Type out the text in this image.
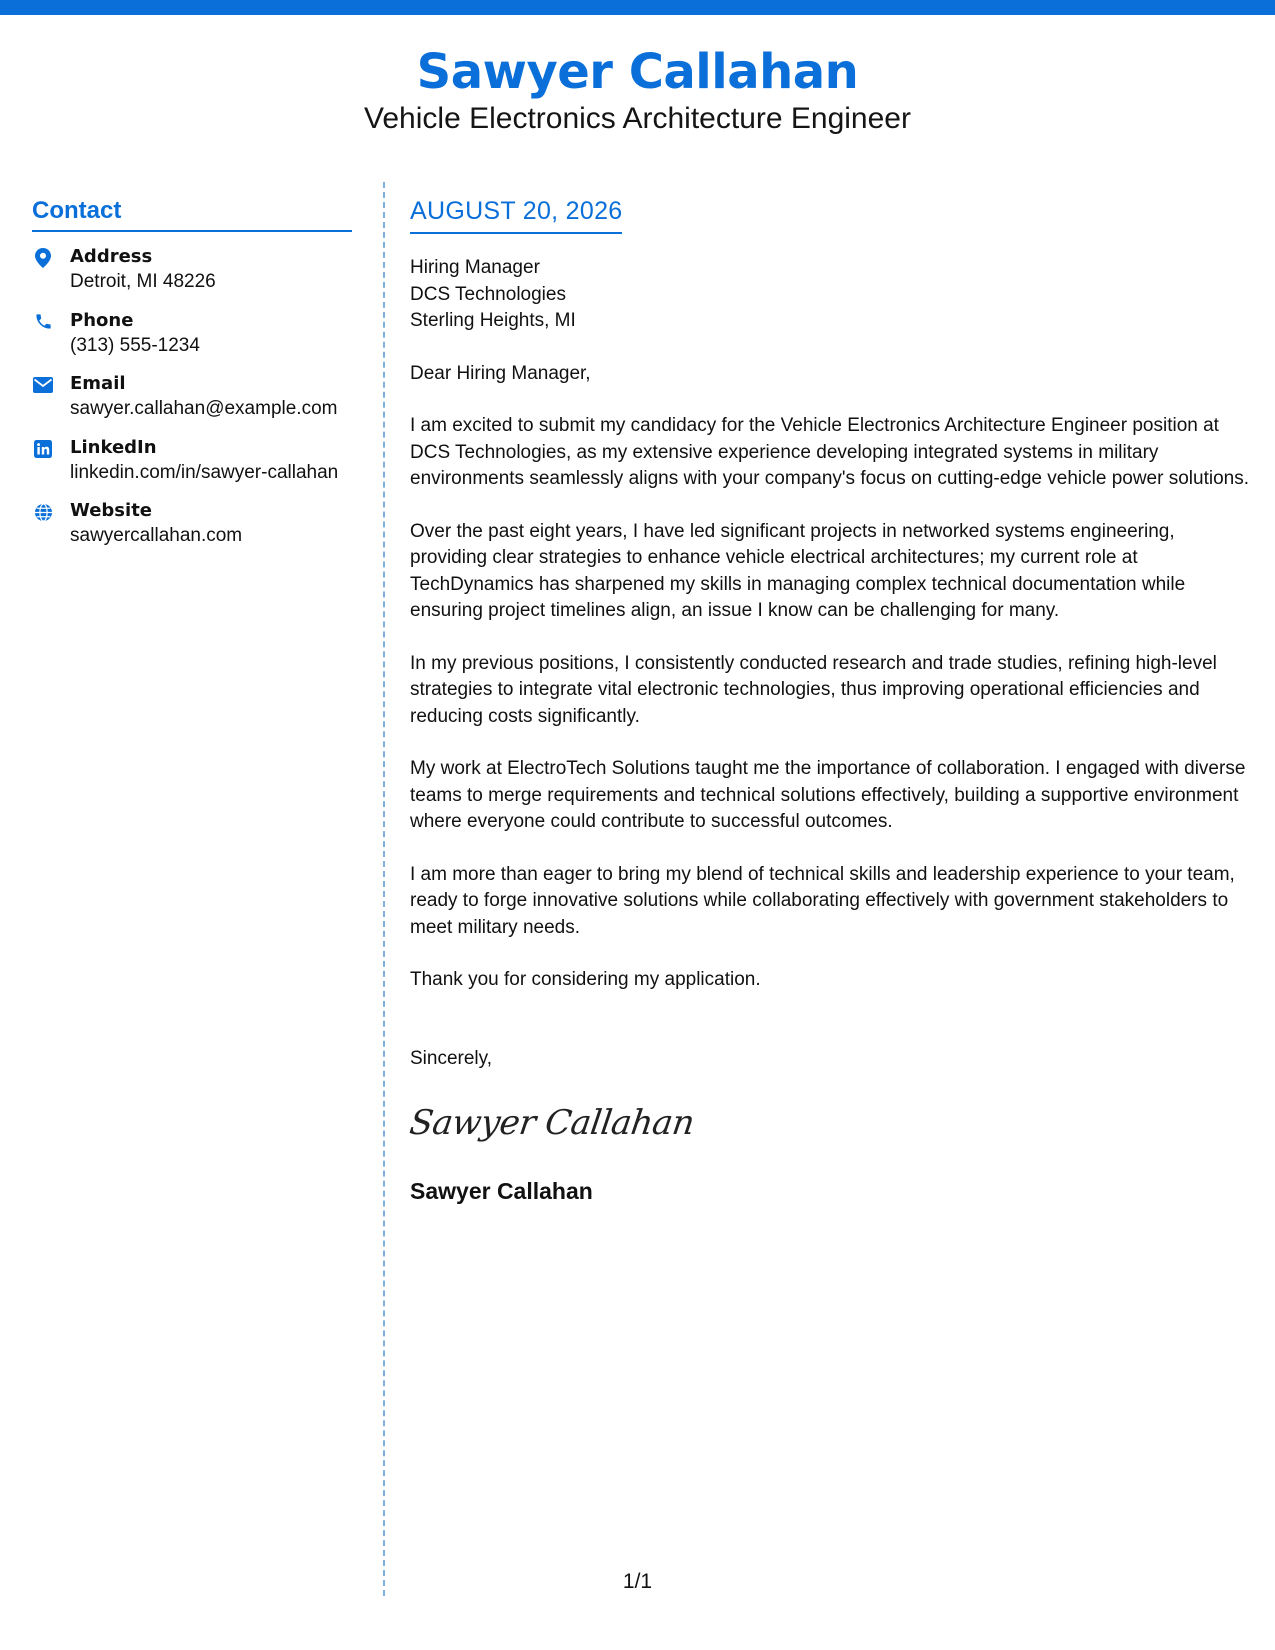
Sawyer Callahan
Vehicle Electronics Architecture Engineer
Contact
Address
Detroit, MI 48226
Phone
(313) 555-1234
Email
sawyer.callahan@example.com
LinkedIn
linkedin.com/in/sawyer-callahan
Website
sawyercallahan.com
AUGUST 20, 2026
Hiring Manager
DCS Technologies
Sterling Heights, MI

Dear Hiring Manager,

I am excited to submit my candidacy for the Vehicle Electronics Architecture Engineer position at DCS Technologies, as my extensive experience developing integrated systems in military environments seamlessly aligns with your company's focus on cutting-edge vehicle power solutions.

Over the past eight years, I have led significant projects in networked systems engineering, providing clear strategies to enhance vehicle electrical architectures; my current role at TechDynamics has sharpened my skills in managing complex technical documentation while ensuring project timelines align, an issue I know can be challenging for many.

In my previous positions, I consistently conducted research and trade studies, refining high-level strategies to integrate vital electronic technologies, thus improving operational efficiencies and reducing costs significantly.

My work at ElectroTech Solutions taught me the importance of collaboration. I engaged with diverse teams to merge requirements and technical solutions effectively, building a supportive environment where everyone could contribute to successful outcomes.

I am more than eager to bring my blend of technical skills and leadership experience to your team, ready to forge innovative solutions while collaborating effectively with government stakeholders to meet military needs.

Thank you for considering my application.

Sincerely,

Sawyer Callahan
Sawyer Callahan
1/1
